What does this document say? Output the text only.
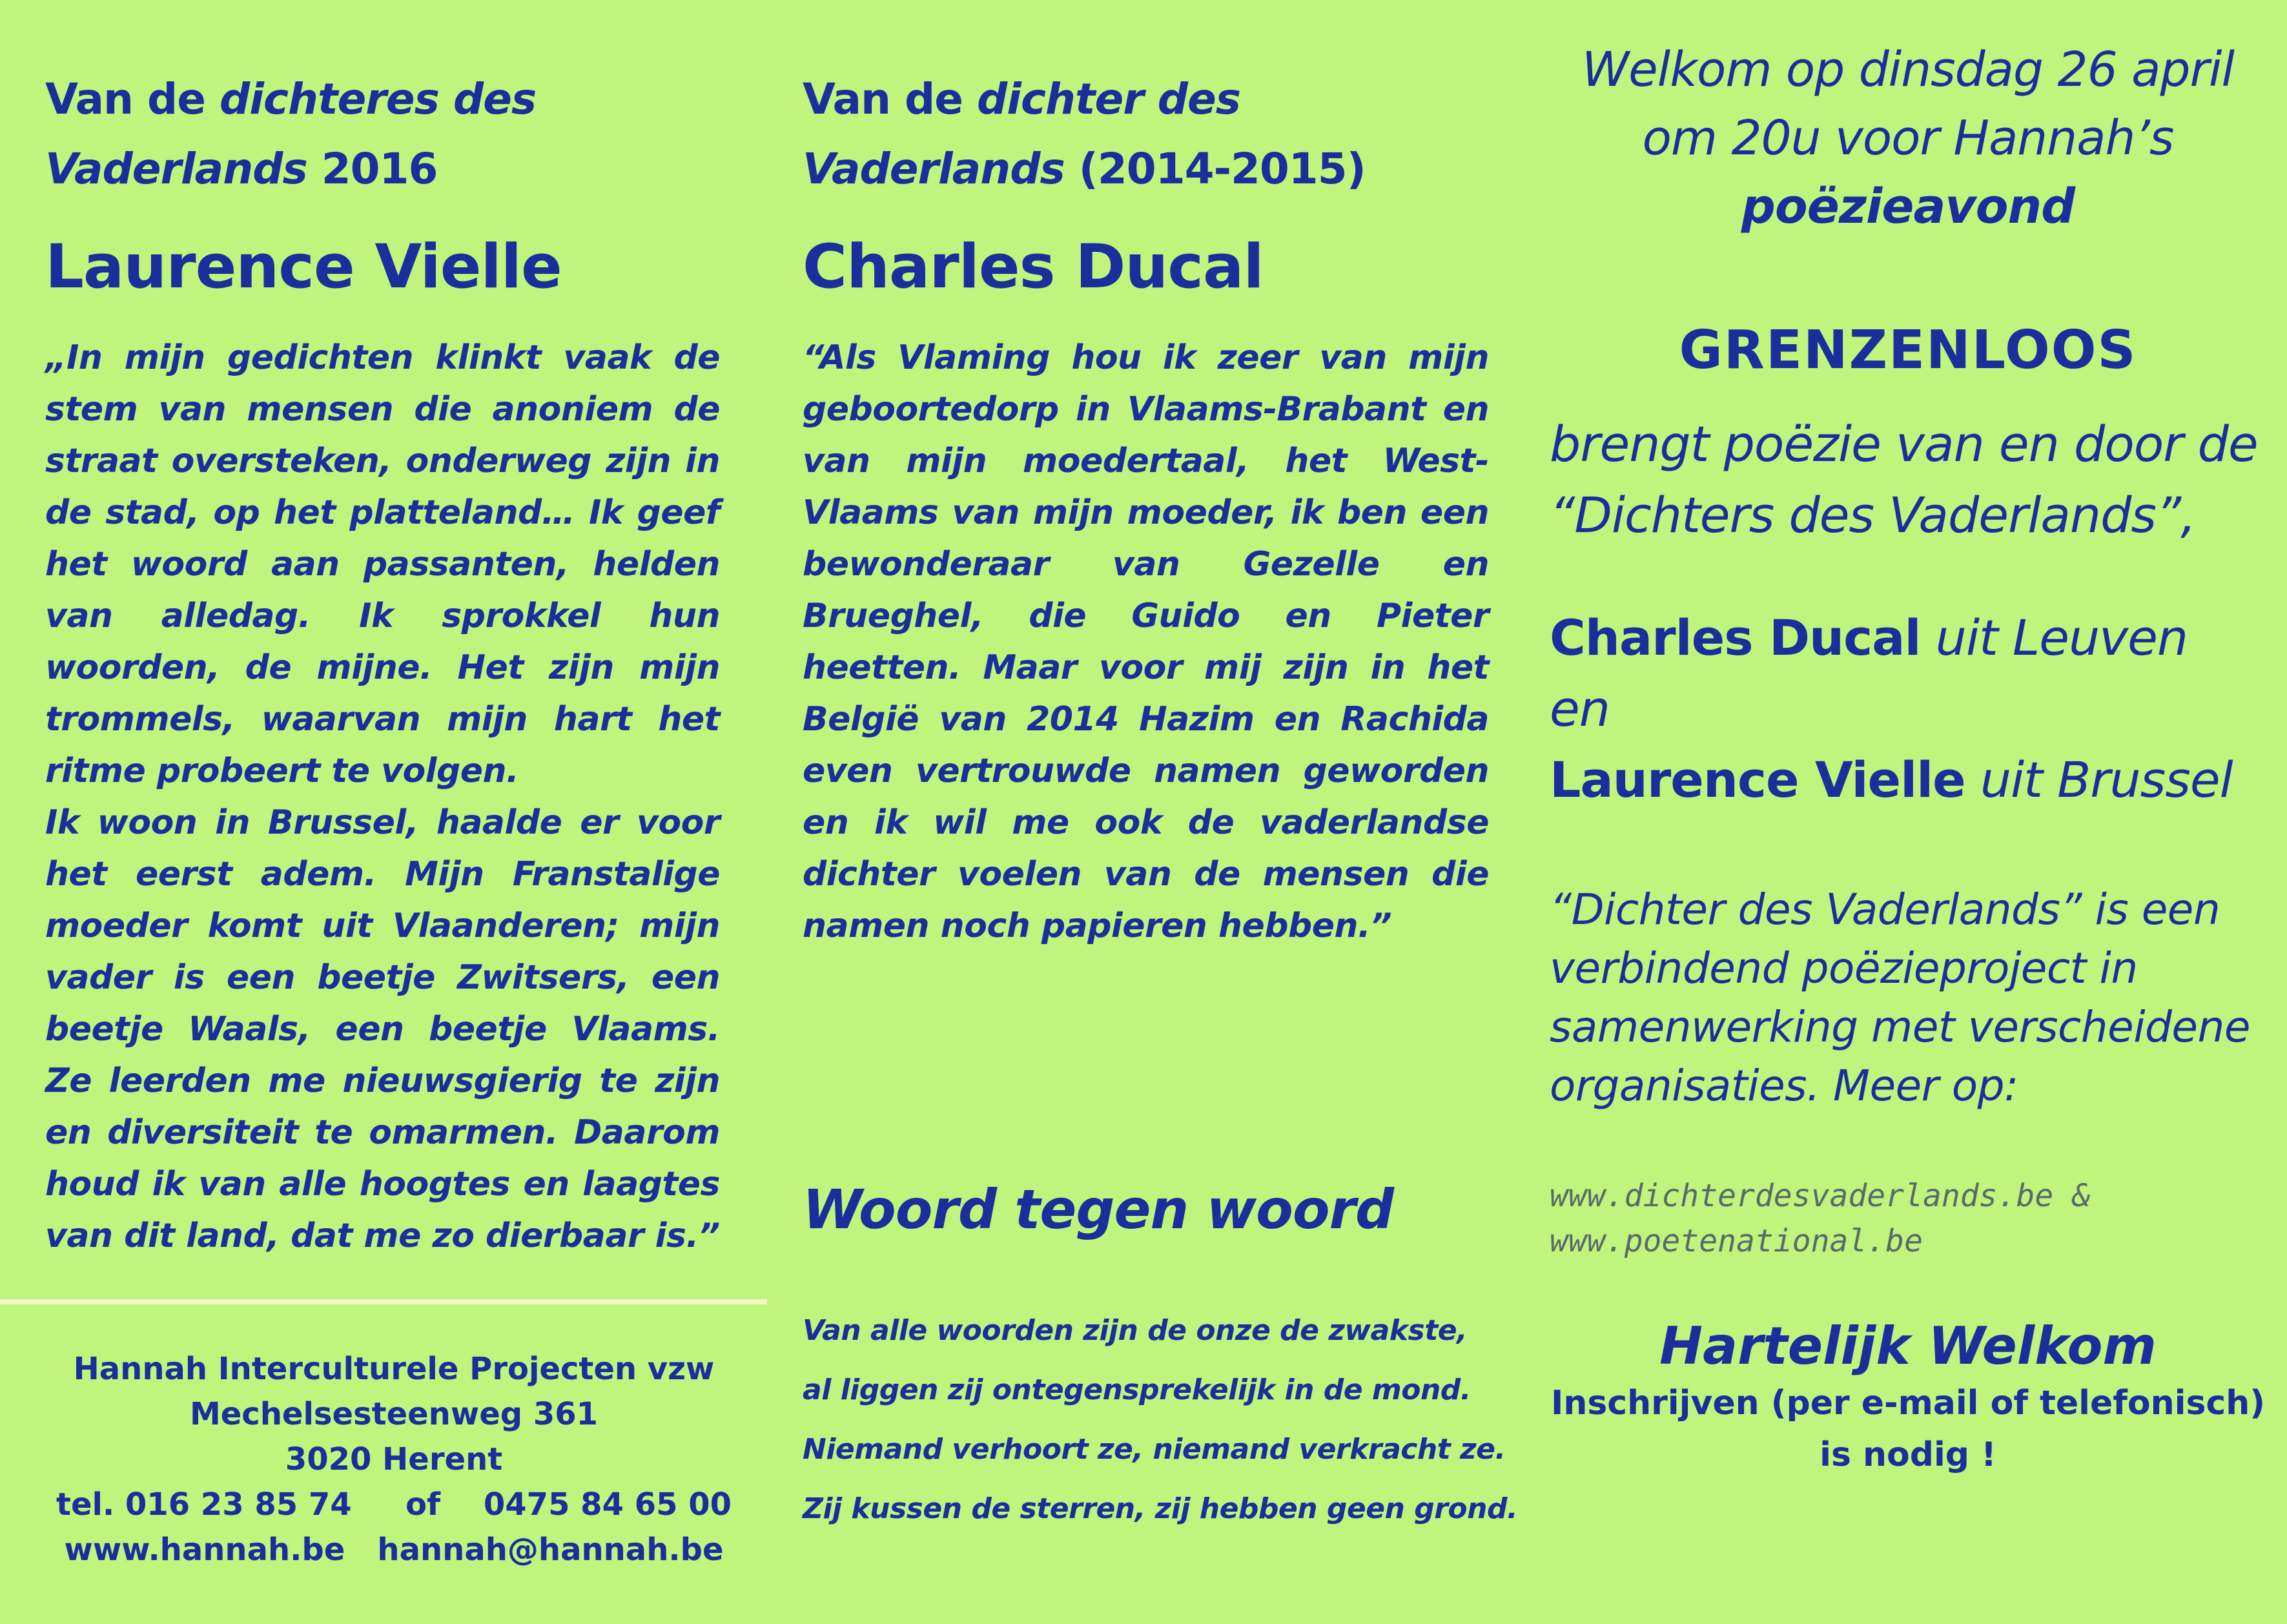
Van de dichteres des
Vaderlands 2016
Laurence Vielle

„In mijn gedichten klinkt vaak de stem van mensen die anoniem de straat oversteken, onderweg zijn in de stad, op het platteland… Ik geef het woord aan passanten, helden van alledag. Ik sprokkel hun woorden, de mijne. Het zijn mijn trommels, waarvan mijn hart het ritme probeert te volgen.

Ik woon in Brussel, haalde er voor het eerst adem. Mijn Franstalige moeder komt uit Vlaanderen; mijn vader is een beetje Zwitsers, een beetje Waals, een beetje Vlaams. Ze leerden me nieuwsgierig te zijn en diversiteit te omarmen. Daarom houd ik van alle hoogtes en laagtes van dit land, dat me zo dierbaar is.”

Hannah Interculturele Projecten vzw
Mechelsesteenweg 361
3020 Herent
tel. 016 23 85 74     of    0475 84 65 00
www.hannah.be   hannah@hannah.be
Van de dichter des
Vaderlands (2014-2015)
Charles Ducal

“Als Vlaming hou ik zeer van mijn geboortedorp in Vlaams-Brabant en van mijn moedertaal, het West-Vlaams van mijn moeder, ik ben een bewonderaar van Gezelle en Brueghel, die Guido en Pieter heetten. Maar voor mij zijn in het België van 2014 Hazim en Rachida even vertrouwde namen geworden en ik wil me ook de vaderlandse dichter voelen van de mensen die namen noch papieren hebben.”

Woord tegen woord
Van alle woorden zijn de onze de zwakste,
al liggen zij ontegensprekelijk in de mond.
Niemand verhoort ze, niemand verkracht ze.
Zij kussen de sterren, zij hebben geen grond.
Welkom op dinsdag 26 april
om 20u voor Hannah’s
poëzieavond
GRENZENLOOS

brengt poëzie van en door de “Dichters des Vaderlands”,

Charles Ducal uit Leuven
en
Laurence Vielle uit Brussel

“Dichter des Vaderlands” is een verbindend poëzieproject in samenwerking met verscheidene organisaties. Meer op:

www.dichterdesvaderlands.be &
www.poetenational.be
Hartelijk Welkom
Inschrijven (per e-mail of telefonisch)
is nodig !
